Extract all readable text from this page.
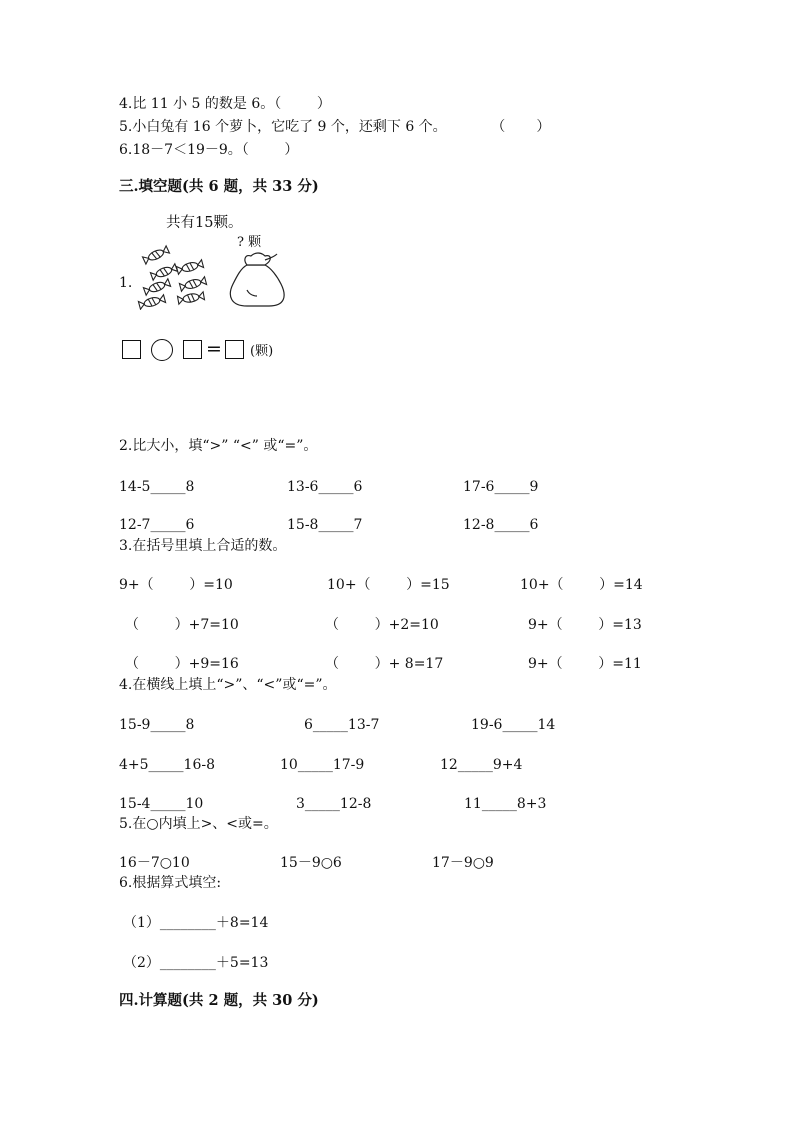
4.比 11 小 5 的数是 6。（        ）
5.小白兔有 16 个萝卜，它吃了 9 个，还剩下 6 个。          （       ）
6.18－7＜19－9。（        ）
三.填空题(共 6 题，共 33 分)
共有15颗。
? 颗
1.
= (颗)
2.比大小，填“>” “<” 或“=”。
14-5_____8	13-6_____6	17-6_____9
12-7_____6	15-8_____7	12-8_____6
3.在括号里填上合适的数。
9+（        ）=10	10+（        ）=15	10+（        ）=14
（        ）+7=10	（        ）+2=10	9+（        ）=13
（        ）+9=16	（        ）+ 8=17	9+（        ）=11
4.在横线上填上“>”、“<”或“=”。
15-9_____8	6_____13-7	19-6_____14
4+5_____16-8	10_____17-9	12_____9+4
15-4_____10	3_____12-8	11_____8+3
5.在○内填上>、<或=。
16－7○10	15－9○6	17－9○9
6.根据算式填空:
（1）________＋8=14
（2）________＋5=13
四.计算题(共 2 题，共 30 分)
